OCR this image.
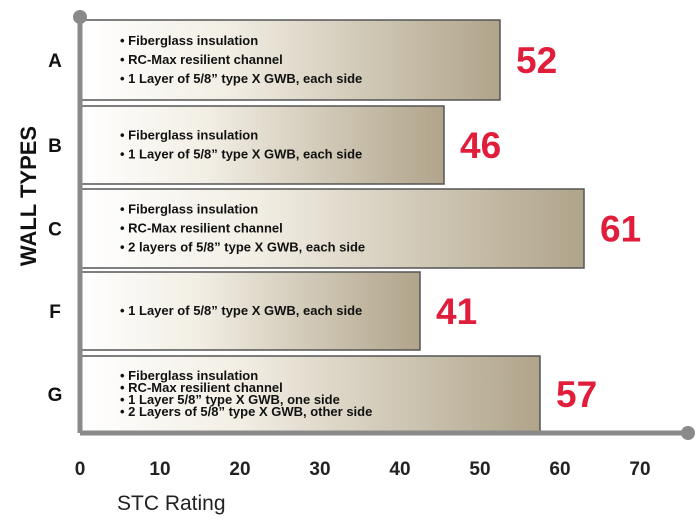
A
• Fiberglass insulation
• RC-Max resilient channel
• 1 Layer of 5/8” type X GWB, each side	52
B
• Fiberglass insulation
• 1 Layer of 5/8” type X GWB, each side	46
C
• Fiberglass insulation
• RC-Max resilient channel
• 2 layers of 5/8” type X GWB, each side	61
F	• 1 Layer of 5/8” type X GWB, each side 41
G
• Fiberglass insulation
• RC-Max resilient channel
• 1 Layer 5/8” type X GWB, one side
• 2 Layers of 5/8” type X GWB, other side	57
0	10	20	30	40	50	60	70
WALL TYPES
STC Rating
